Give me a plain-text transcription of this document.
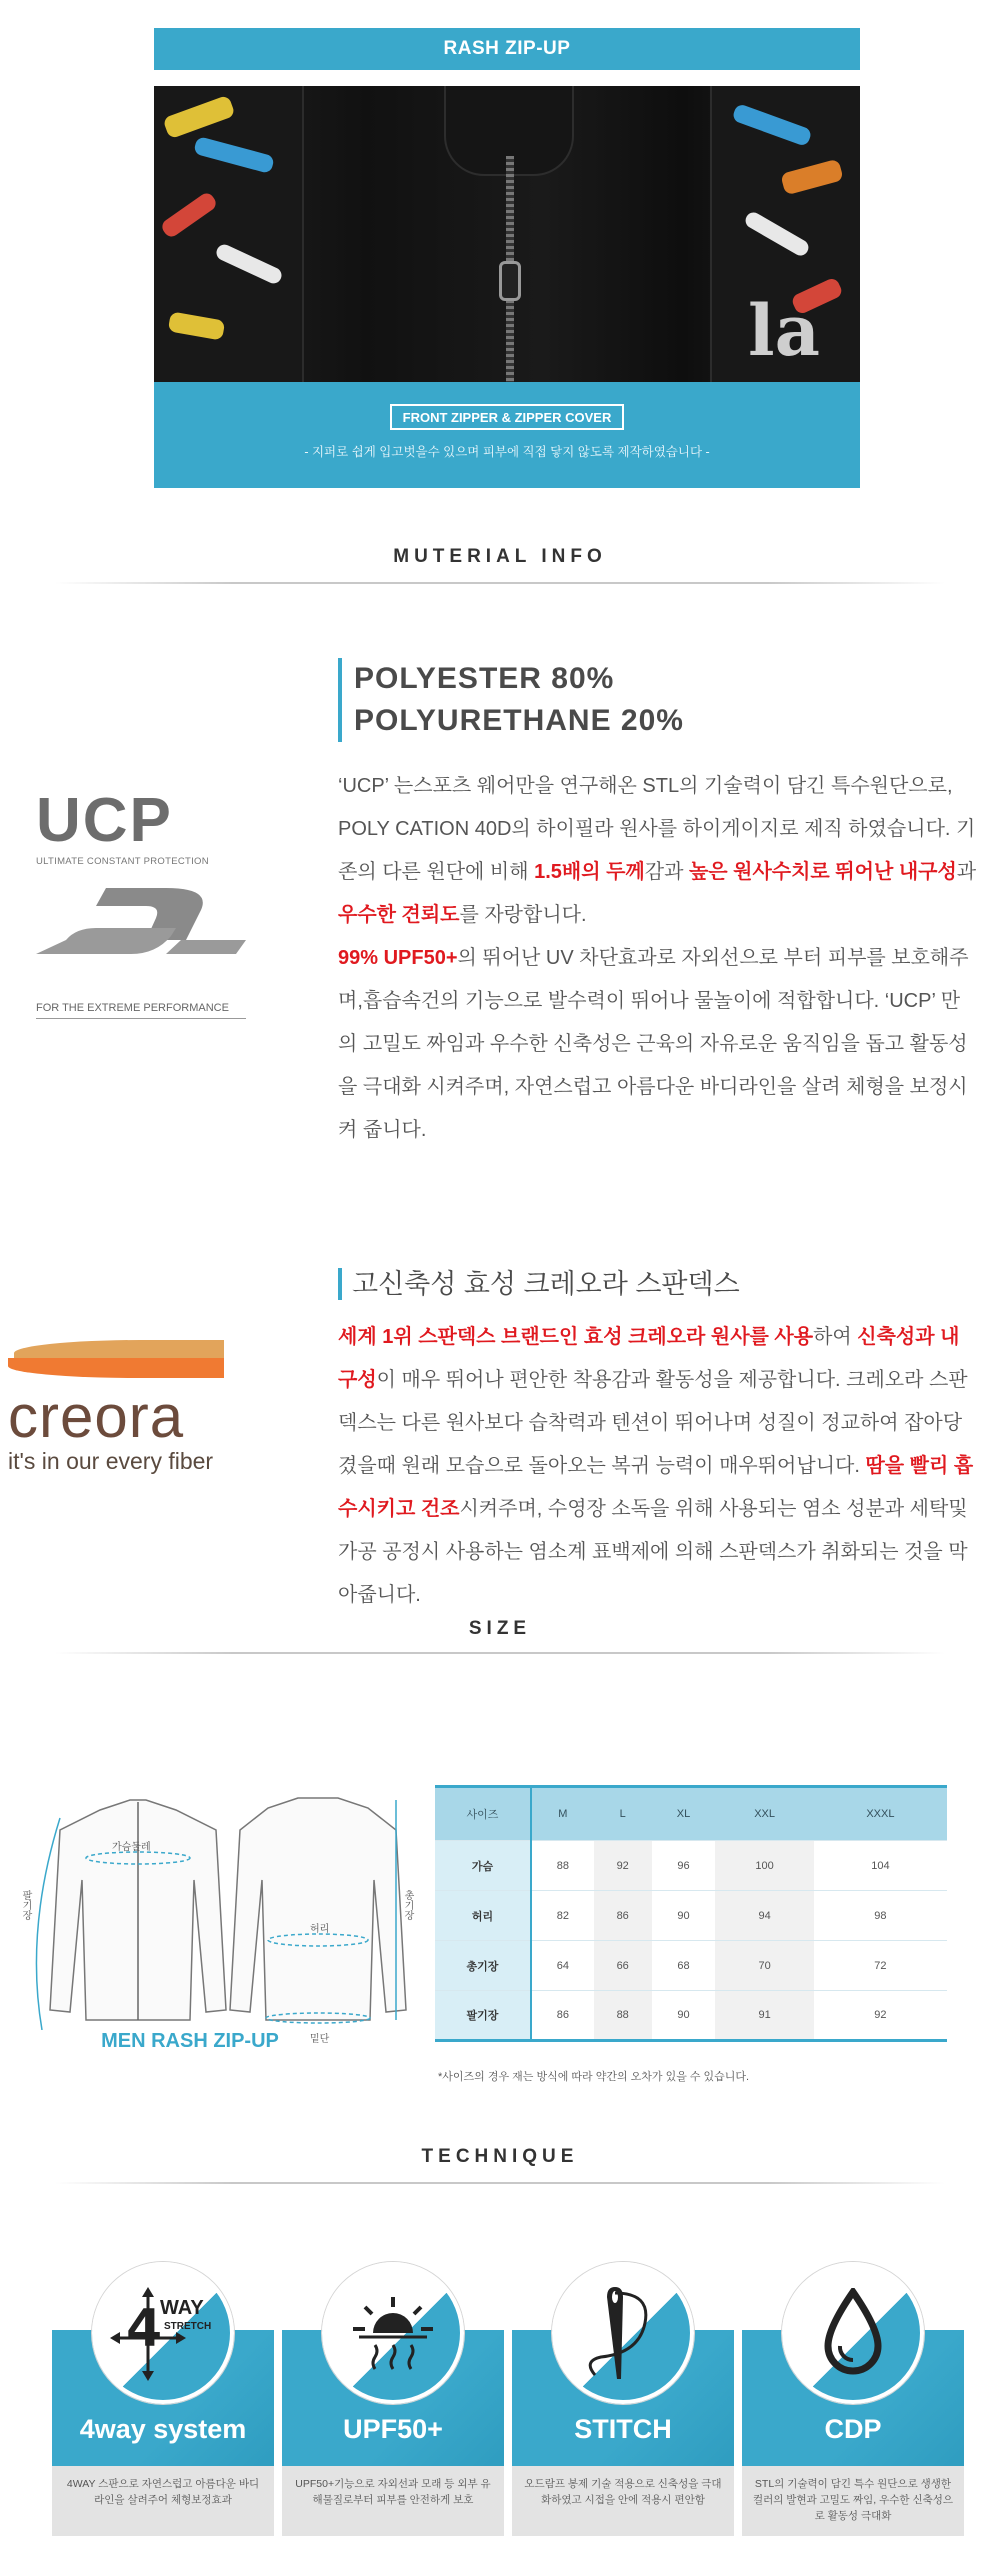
RASH ZIP-UP
la
FRONT ZIPPER & ZIPPER COVER
- 지퍼로 쉽게 입고벗을수 있으며 피부에 직접 닿지 않도록 제작하였습니다 -
MUTERIAL INFO
UCP
ULTIMATE CONSTANT PROTECTION
FOR THE EXTREME PERFORMANCE
POLYESTER 80%
POLYURETHANE 20%
‘UCP’ 는스포츠 웨어만을 연구해온 STL의 기술력이 담긴 특수원단으로, POLY CATION 40D의 하이필라 원사를 하이게이지로 제직 하였습니다. 기존의 다른 원단에 비해 1.5배의 두께감과 높은 원사수치로 뛰어난 내구성과 우수한 견뢰도를 자랑합니다.
99% UPF50+의 뛰어난 UV 차단효과로 자외선으로 부터 피부를 보호해주며,흡습속건의 기능으로 발수력이 뛰어나 물놀이에 적합합니다. ‘UCP’ 만의 고밀도 짜임과 우수한 신축성은 근육의 자유로운 움직임을 돕고 활동성을 극대화 시켜주며, 자연스럽고 아름다운 바디라인을 살려 체형을 보정시켜 줍니다.
creora
it's in our every fiber
고신축성 효성 크레오라 스판덱스
세계 1위 스판덱스 브랜드인 효성 크레오라 원사를 사용하여 신축성과 내구성이 매우 뛰어나 편안한 착용감과 활동성을 제공합니다. 크레오라 스판덱스는 다른 원사보다 습착력과 텐션이 뛰어나며 성질이 정교하여 잡아당겼을때 원래 모습으로 돌아오는 복귀 능력이 매우뛰어납니다. 땀을 빨리 흡수시키고 건조시켜주며, 수영장 소독을 위해 사용되는 염소 성분과 세탁및 가공 공정시 사용하는 염소계 표백제에 의해 스판덱스가 취화되는 것을 막아줍니다.
SIZE
팔기장
가슴둘레
허리
총기장
밑단
MEN RASH ZIP-UP
사이즈	M	L	XL	XXL	XXXL
가슴	88	92	96	100	104
허리	82	86	90	94	98
총기장	64	66	68	70	72
팔기장	86	88	90	91	92
*사이즈의 경우 재는 방식에 따라 약간의 오차가 있을 수 있습니다.
TECHNIQUE
4
WAY
STRETCH
4way system
4WAY 스판으로 자연스럽고 아름다운 바디라인을 살려주어 체형보정효과
UPF50+
UPF50+기능으로 자외선과 모래 등 외부 유해물질로부터 피부를 안전하게 보호
STITCH
오드람프 봉제 기술 적용으로 신축성을 극대화하였고 시접을 안에 적용시 편안함
CDP
STL의 기술력이 담긴 특수 원단으로 생생한 컬러의 발현과 고밀도 짜임, 우수한 신축성으로 활동성 극대화
